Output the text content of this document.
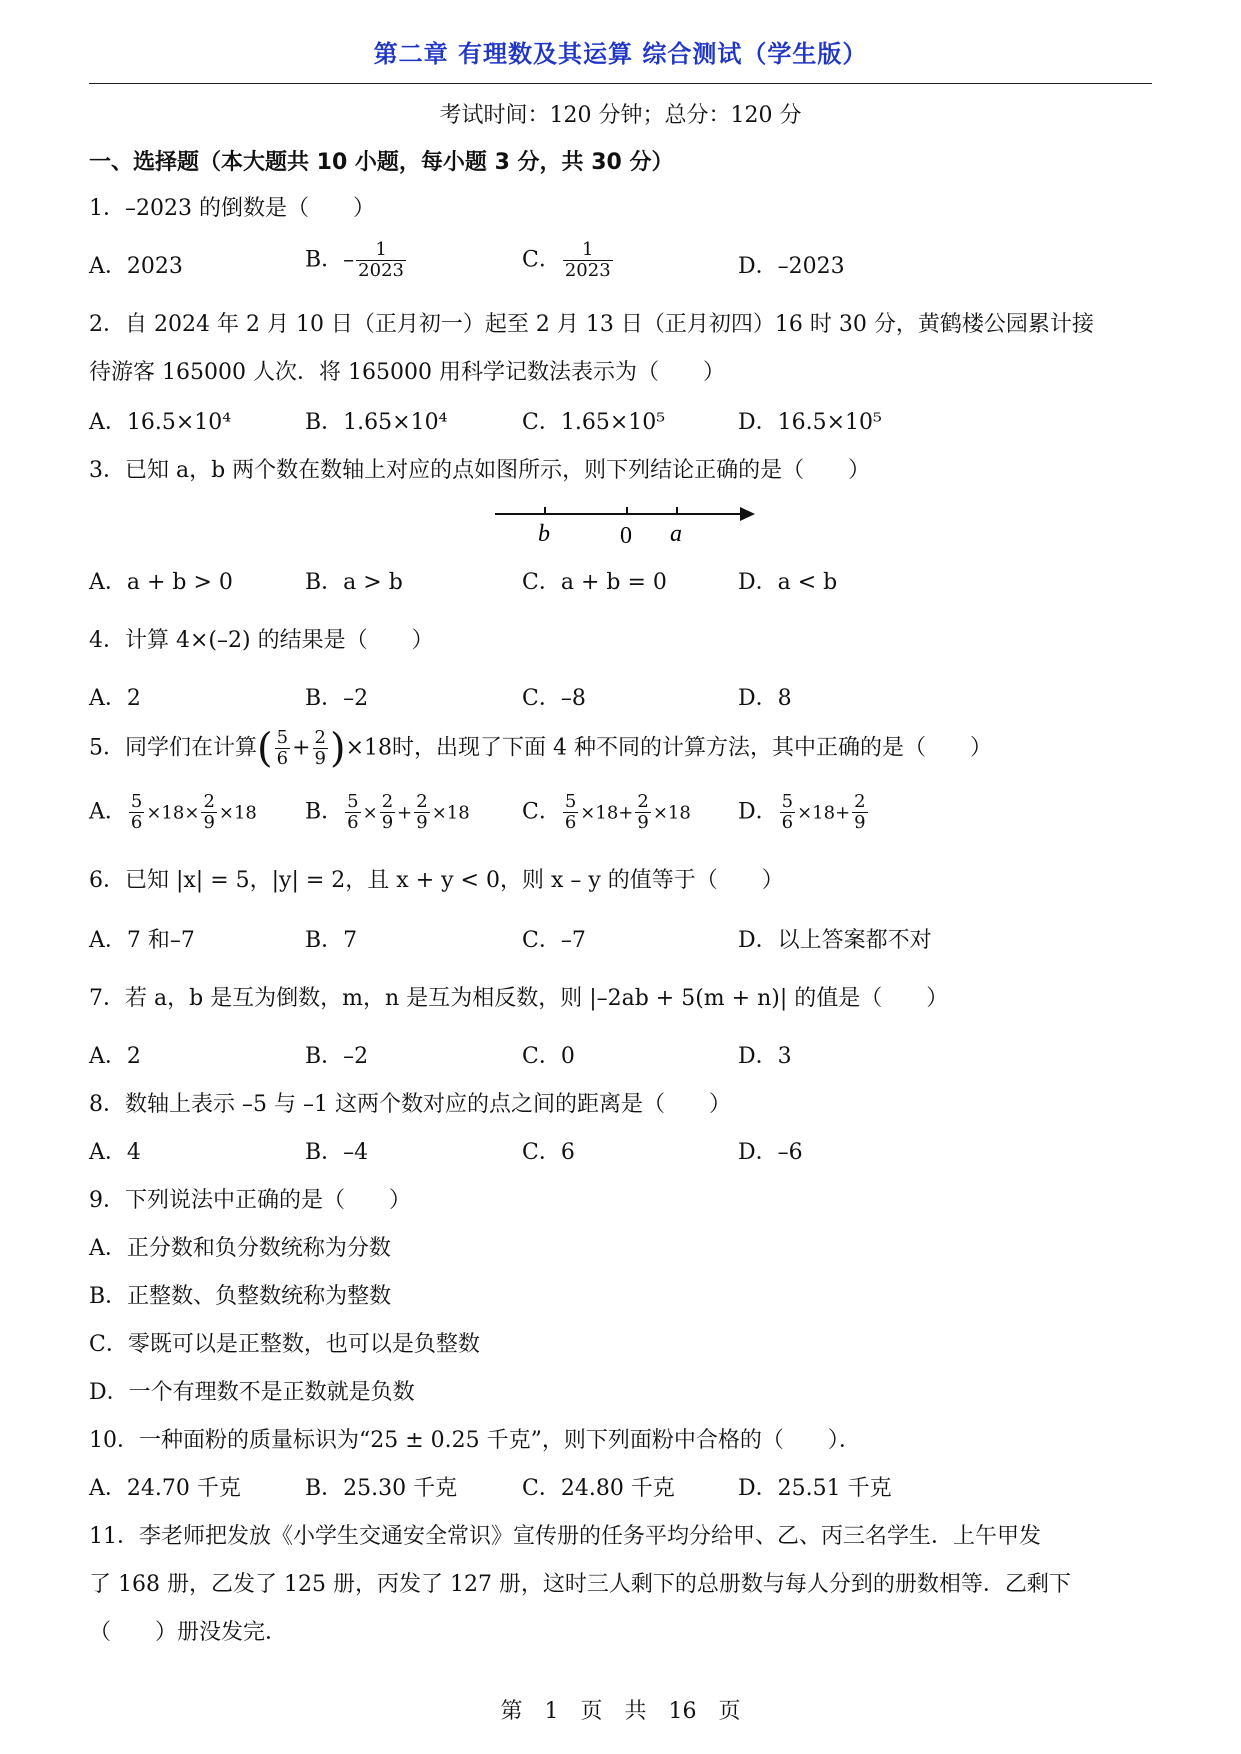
第二章 有理数及其运算 综合测试（学生版）
考试时间：120 分钟；总分：120 分
一、选择题（本大题共 10 小题，每小题 3 分，共 30 分）
1．–2023 的倒数是（　　）
A．2023	B．– $\frac{1}{2023}$	C． $\frac{1}{2023}$	D．–2023
2．自 2024 年 2 月 10 日（正月初一）起至 2 月 13 日（正月初四）16 时 30 分，黄鹤楼公园累计接
待游客 165000 人次．将 165000 用科学记数法表示为（　　）
A．16.5×10⁴	B．1.65×10⁴	C．1.65×10⁵	D．16.5×10⁵
3．已知 a，b 两个数在数轴上对应的点如图所示，则下列结论正确的是（　　）
b	0 a
A．a + b > 0	B．a > b	C．a + b = 0	D．a < b
4．计算 4×(–2) 的结果是（　　）
A．2	B．–2	C．–8	D．8
5．同学们在计算( $\frac{5}{6} + \frac{2}{9} )\times 18$时，出现了下面 4 种不同的计算方法，其中正确的是（　　）
A． $\frac{5}{6} \times 18\times \frac{2}{9} \times 18$ B． $\frac{5}{6} \times \frac{2}{9} + \frac{2}{9} \times 18$ C． $\frac{5}{6} \times 18+ \frac{2}{9} \times 18$ D． $\frac{5}{6} \times 18+ \frac{2}{9}$
6．已知 |x| = 5，|y| = 2，且 x + y < 0，则 x – y 的值等于（　　）
A．7 和–7	B．7	C．–7	D．以上答案都不对
7．若 a，b 是互为倒数，m，n 是互为相反数，则 |–2ab + 5(m + n)| 的值是（　　）
A．2	B．–2	C．0	D．3
8．数轴上表示 –5 与 –1 这两个数对应的点之间的距离是（　　）
A．4	B．–4	C．6	D．–6
9．下列说法中正确的是（　　）
A．正分数和负分数统称为分数
B．正整数、负整数统称为整数
C．零既可以是正整数，也可以是负整数
D．一个有理数不是正数就是负数
10．一种面粉的质量标识为“25 ± 0.25 千克”，则下列面粉中合格的（　　）．
A．24.70 千克	B．25.30 千克	C．24.80 千克	D．25.51 千克
11．李老师把发放《小学生交通安全常识》宣传册的任务平均分给甲、乙、丙三名学生．上午甲发
了 168 册，乙发了 125 册，丙发了 127 册，这时三人剩下的总册数与每人分到的册数相等．乙剩下
（　　）册没发完．
第　1　页　共　16　页
